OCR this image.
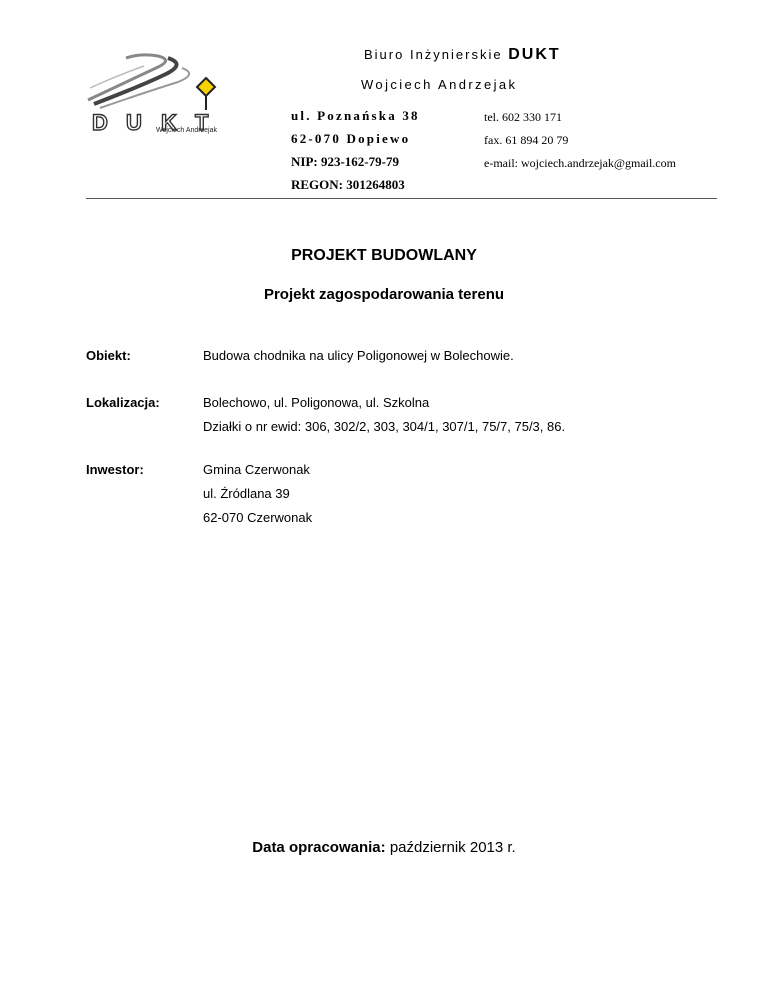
D U K T
Wojciech Andrzejak
Biuro Inżynierskie DUKT
Wojciech Andrzejak
ul. Poznańska 38
62-070 Dopiewo
NIP: 923-162-79-79
REGON: 301264803
tel. 602 330 171
fax. 61 894 20 79
e-mail: wojciech.andrzejak@gmail.com
PROJEKT BUDOWLANY
Projekt zagospodarowania terenu
Obiekt:	Budowa chodnika na ulicy Poligonowej w Bolechowie.
Lokalizacja:	Bolechowo, ul. Poligonowa, ul. Szkolna
Działki o nr ewid: 306, 302/2, 303, 304/1, 307/1, 75/7, 75/3, 86.
Inwestor:	Gmina Czerwonak
ul. Źródlana 39
62-070 Czerwonak
Data opracowania: październik 2013 r.
